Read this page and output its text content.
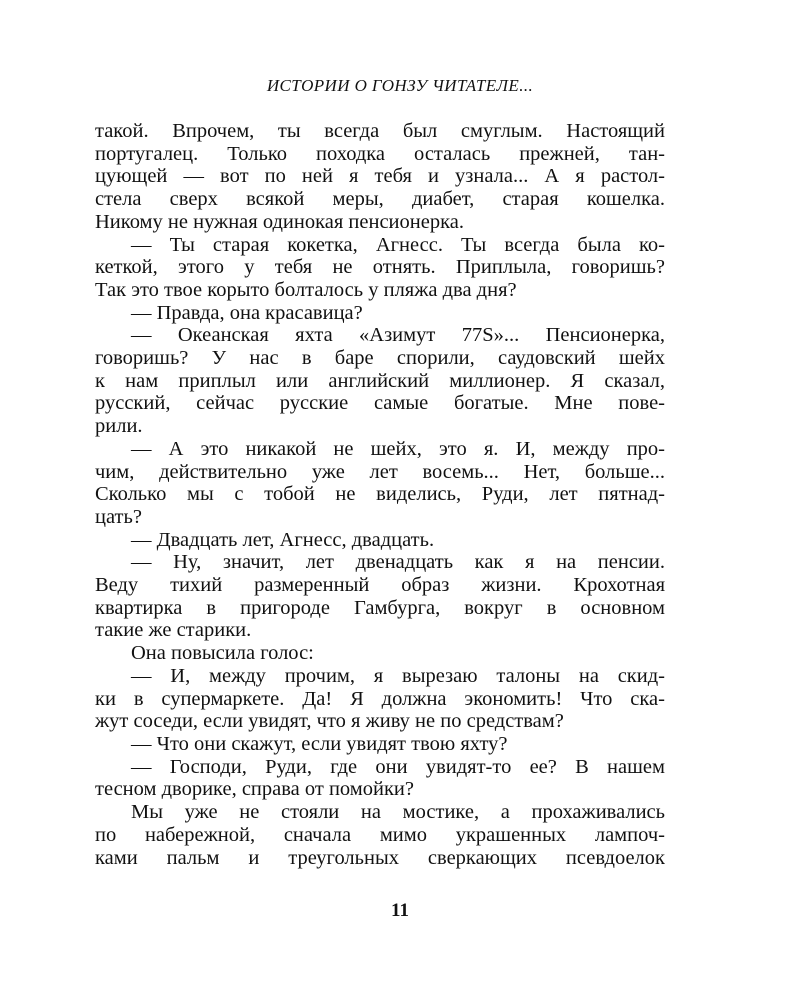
ИСТОРИИ О ГОНЗУ ЧИТАТЕЛЕ...
такой. Впрочем, ты всегда был смуглым. Настоящий
португалец. Только походка осталась прежней, тан-
цующей — вот по ней я тебя и узнала... А я растол-
стела сверх всякой меры, диабет, старая кошелка.
Никому не нужная одинокая пенсионерка.
— Ты старая кокетка, Агнесс. Ты всегда была ко-
кеткой, этого у тебя не отнять. Приплыла, говоришь?
Так это твое корыто болталось у пляжа два дня?
— Правда, она красавица?
— Океанская яхта «Азимут 77S»... Пенсионерка,
говоришь? У нас в баре спорили, саудовский шейх
к нам приплыл или английский миллионер. Я сказал,
русский, сейчас русские самые богатые. Мне пове-
рили.
— А это никакой не шейх, это я. И, между про-
чим, действительно уже лет восемь... Нет, больше...
Сколько мы с тобой не виделись, Руди, лет пятнад-
цать?
— Двадцать лет, Агнесс, двадцать.
— Ну, значит, лет двенадцать как я на пенсии.
Веду тихий размеренный образ жизни. Крохотная
квартирка в пригороде Гамбурга, вокруг в основном
такие же старики.
Она повысила голос:
— И, между прочим, я вырезаю талоны на скид-
ки в супермаркете. Да! Я должна экономить! Что ска-
жут соседи, если увидят, что я живу не по средствам?
— Что они скажут, если увидят твою яхту?
— Господи, Руди, где они увидят-то ее? В нашем
тесном дворике, справа от помойки?
Мы уже не стояли на мостике, а прохаживались
по набережной, сначала мимо украшенных лампоч-
ками пальм и треугольных сверкающих псевдоелок
11
